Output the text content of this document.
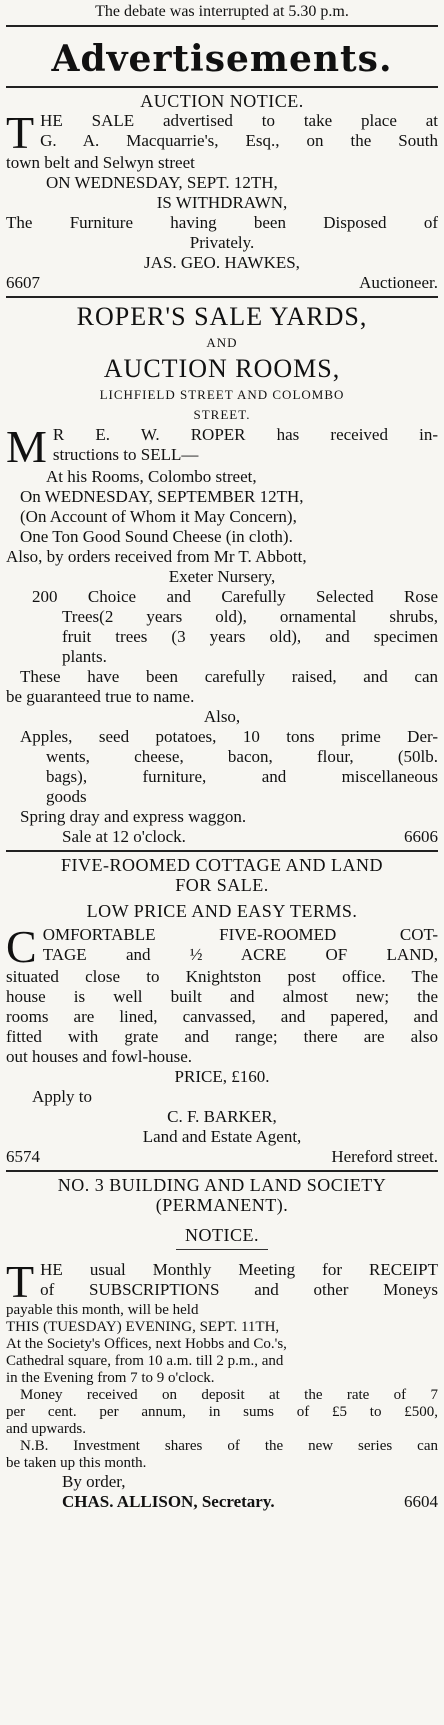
The debate was interrupted at 5.30 p.m.
Advertisements.
AUCTION NOTICE.
T HE SALE advertised to take place at
G. A. Macquarrie's, Esq., on the South
town belt and Selwyn street
ON WEDNESDAY, SEPT. 12TH,
IS WITHDRAWN,
The Furniture having been Disposed of
Privately.
JAS. GEO. HAWKES,
6607	Auctioneer.
ROPER'S SALE YARDS,
AND
AUCTION ROOMS,
LICHFIELD STREET AND COLOMBO
STREET.
M R E. W. ROPER has received in-
structions to SELL—
At his Rooms, Colombo street,
On WEDNESDAY, SEPTEMBER 12TH,
(On Account of Whom it May Concern),
One Ton Good Sound Cheese (in cloth).
Also, by orders received from Mr T. Abbott,
Exeter Nursery,
200 Choice and Carefully Selected Rose
Trees(2 years old), ornamental shrubs,
fruit trees (3 years old), and specimen
plants.
These have been carefully raised, and can
be guaranteed true to name.
Also,
Apples, seed potatoes, 10 tons prime Der-
wents, cheese, bacon, flour, (50lb.
bags), furniture, and miscellaneous
goods
Spring dray and express waggon.
Sale at 12 o'clock.	6606
FIVE-ROOMED COTTAGE AND LAND
FOR SALE.
LOW PRICE AND EASY TERMS.
C OMFORTABLE FIVE-ROOMED COT-
TAGE and ½ ACRE OF LAND,
situated close to Knightston post office. The
house is well built and almost new; the
rooms are lined, canvassed, and papered, and
fitted with grate and range; there are also
out houses and fowl-house.
PRICE, £160.
Apply to
C. F. BARKER,
Land and Estate Agent,
6574	Hereford street.
NO. 3 BUILDING AND LAND SOCIETY
(PERMANENT).
NOTICE.
T HE usual Monthly Meeting for RECEIPT
of SUBSCRIPTIONS and other Moneys
payable this month, will be held
THIS (TUESDAY) EVENING, SEPT. 11TH,
At the Society's Offices, next Hobbs and Co.'s,
Cathedral square, from 10 a.m. till 2 p.m., and
in the Evening from 7 to 9 o'clock.
Money received on deposit at the rate of 7
per cent. per annum, in sums of £5 to £500,
and upwards.
N.B. Investment shares of the new series can
be taken up this month.
By order,
CHAS. ALLISON, Secretary.	6604
